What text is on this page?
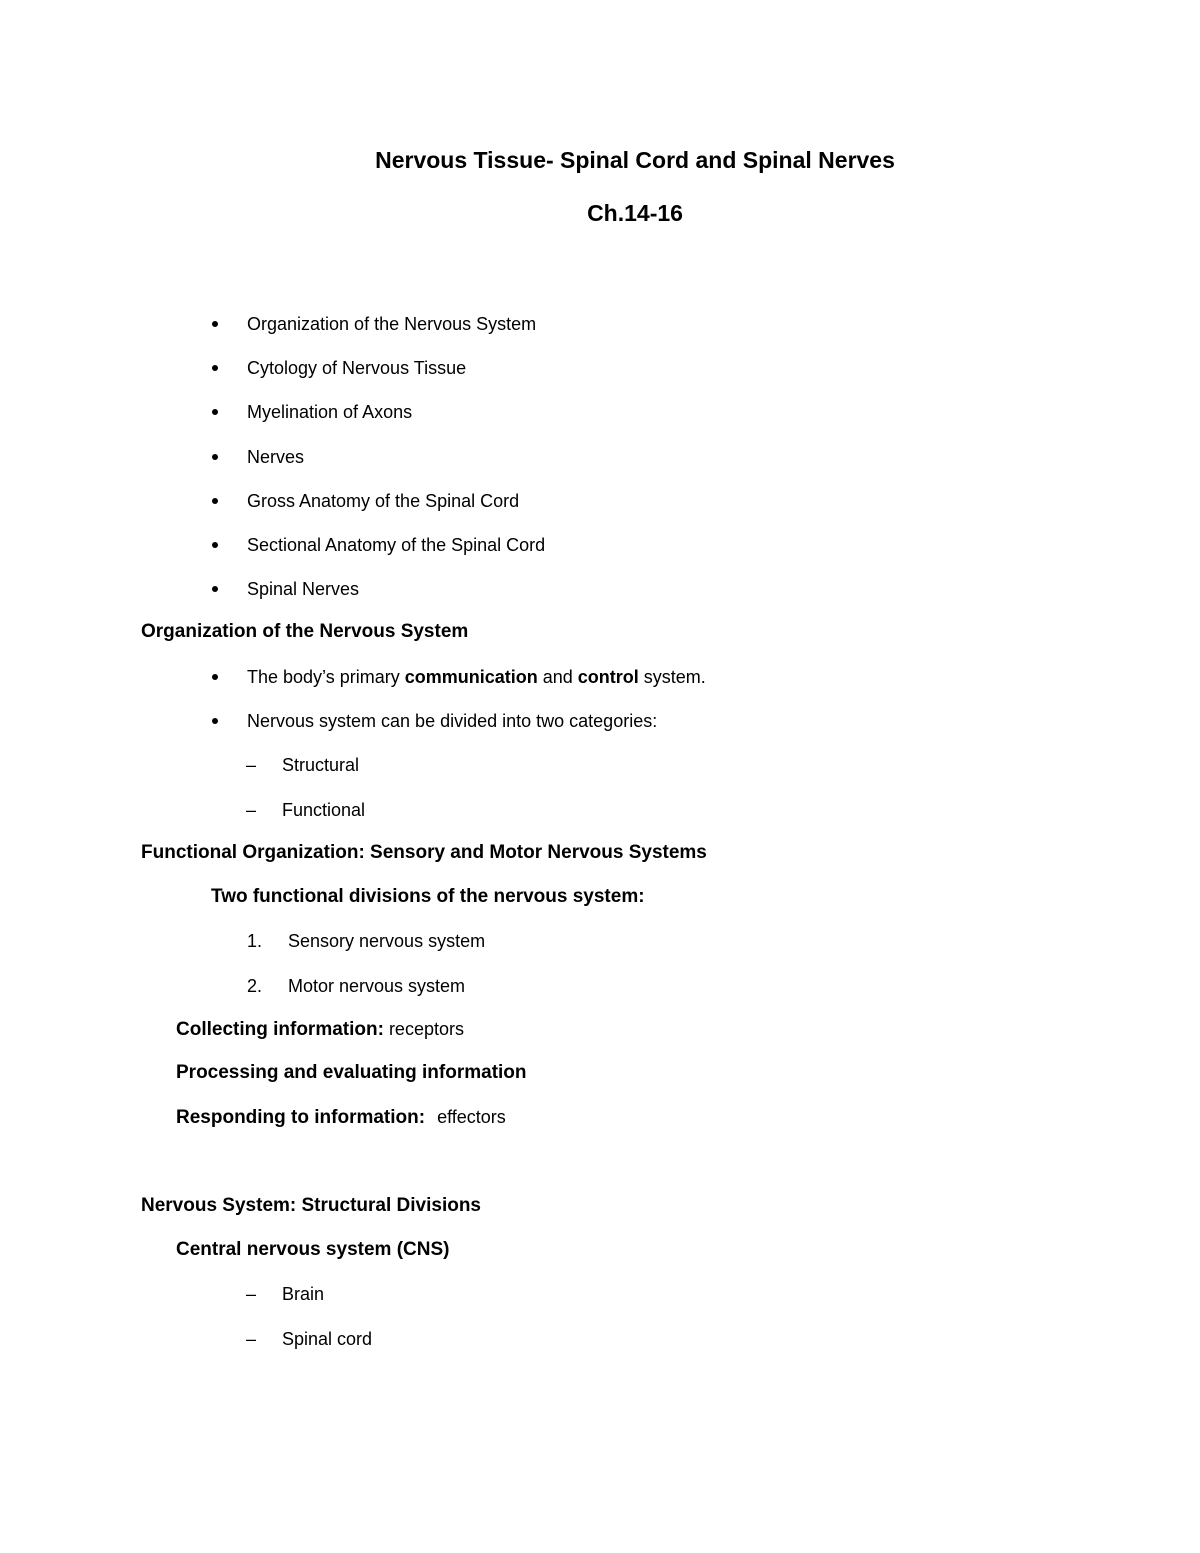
Nervous Tissue- Spinal Cord and Spinal Nerves
Ch.14-16
Organization of the Nervous System
Cytology of Nervous Tissue
Myelination of Axons
Nerves
Gross Anatomy of the Spinal Cord
Sectional Anatomy of the Spinal Cord
Spinal Nerves
Organization of the Nervous System
The body’s primary communication and control system.
Nervous system can be divided into two categories:
– Structural
– Functional
Functional Organization: Sensory and Motor Nervous Systems
Two functional divisions of the nervous system:
1. Sensory nervous system
2. Motor nervous system
Collecting information: receptors
Processing and evaluating information
Responding to information: effectors
Nervous System: Structural Divisions
Central nervous system (CNS)
– Brain
– Spinal cord
